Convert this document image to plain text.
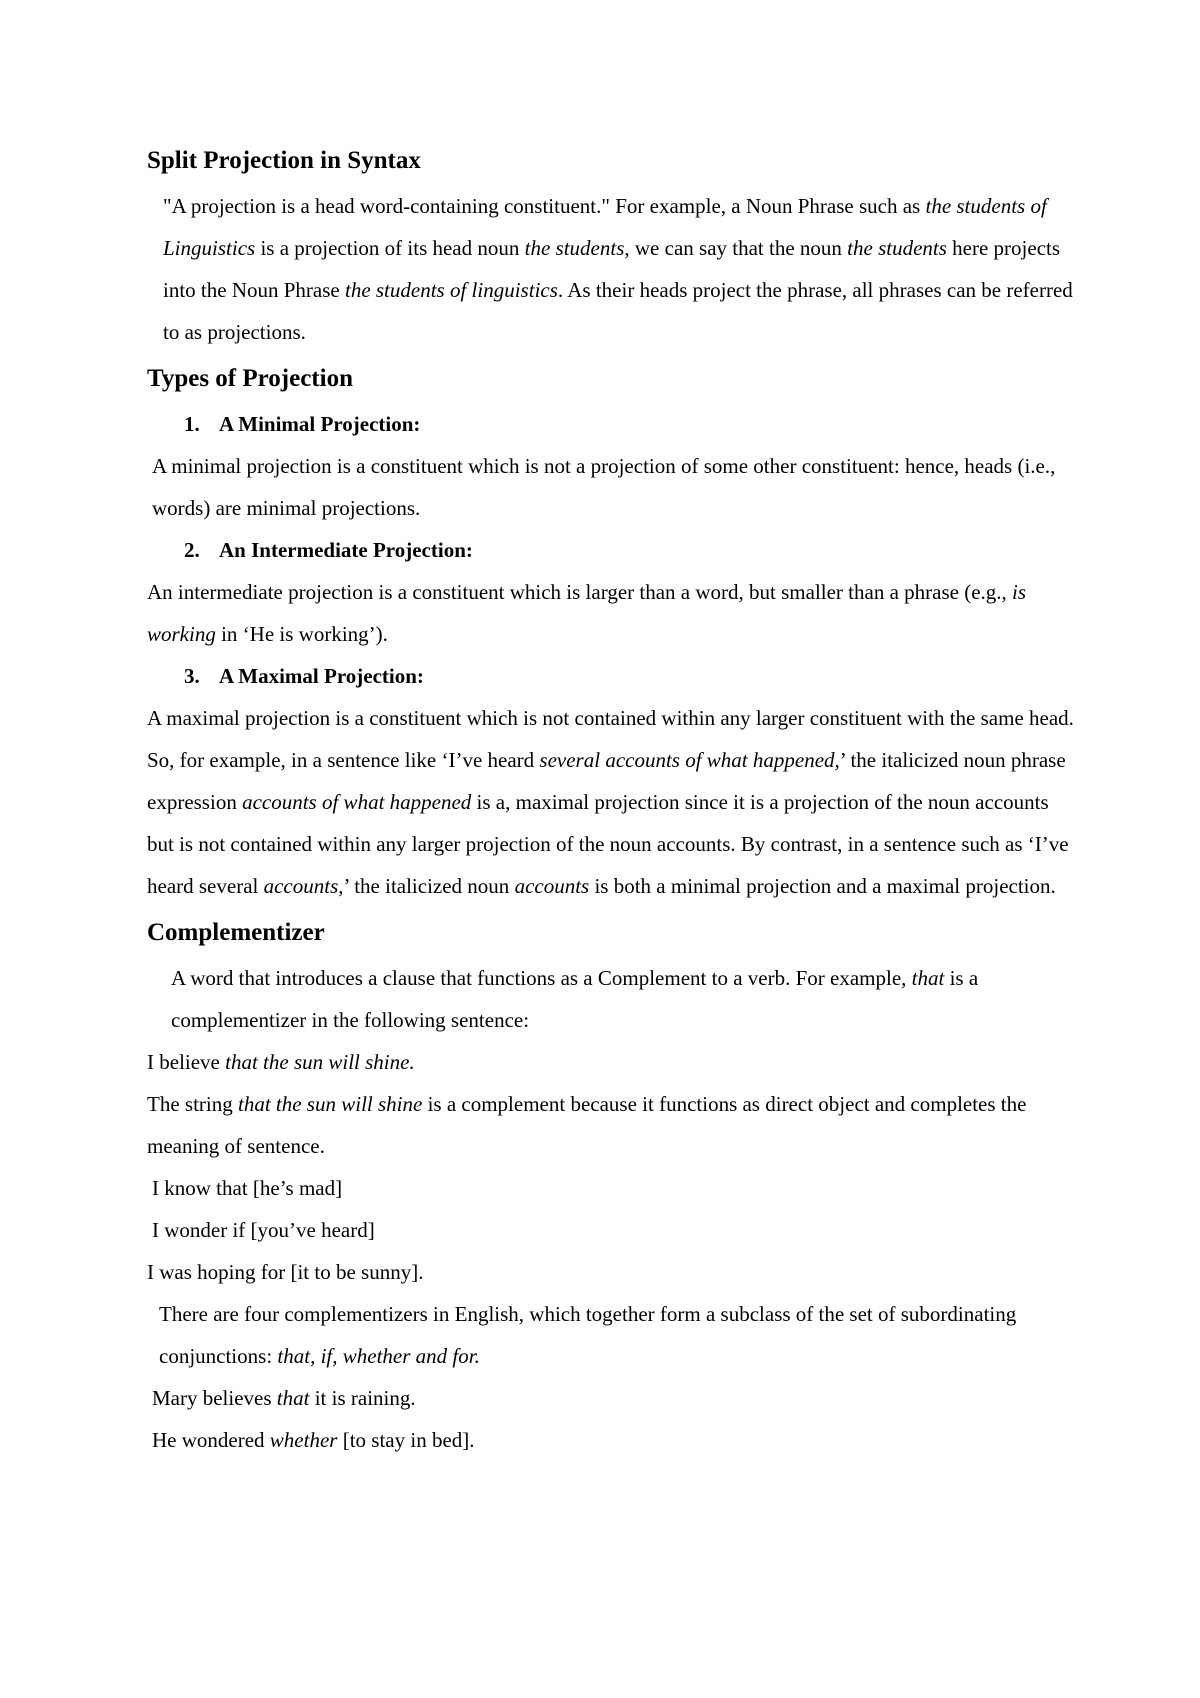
Split Projection in Syntax

"A projection is a head word-containing constituent." For example, a Noun Phrase such as the students of Linguistics is a projection of its head noun the students, we can say that the noun the students here projects into the Noun Phrase the students of linguistics. As their heads project the phrase, all phrases can be referred to as projections.

Types of Projection

1. A Minimal Projection:

A minimal projection is a constituent which is not a projection of some other constituent: hence, heads (i.e., words) are minimal projections.

2. An Intermediate Projection:

An intermediate projection is a constituent which is larger than a word, but smaller than a phrase (e.g., is working in ‘He is working’).

3. A Maximal Projection:

A maximal projection is a constituent which is not contained within any larger constituent with the same head. So, for example, in a sentence like ‘I’ve heard several accounts of what happened,’ the italicized noun phrase expression accounts of what happened is a, maximal projection since it is a projection of the noun accounts but is not contained within any larger projection of the noun accounts. By contrast, in a sentence such as ‘I’ve heard several accounts,’ the italicized noun accounts is both a minimal projection and a maximal projection.

Complementizer

A word that introduces a clause that functions as a Complement to a verb. For example, that is a complementizer in the following sentence:

I believe that the sun will shine.

The string that the sun will shine is a complement because it functions as direct object and completes the meaning of sentence.

I know that [he’s mad]

I wonder if [you’ve heard]

I was hoping for [it to be sunny].

There are four complementizers in English, which together form a subclass of the set of subordinating conjunctions: that, if, whether and for.

Mary believes that it is raining.

He wondered whether [to stay in bed].
